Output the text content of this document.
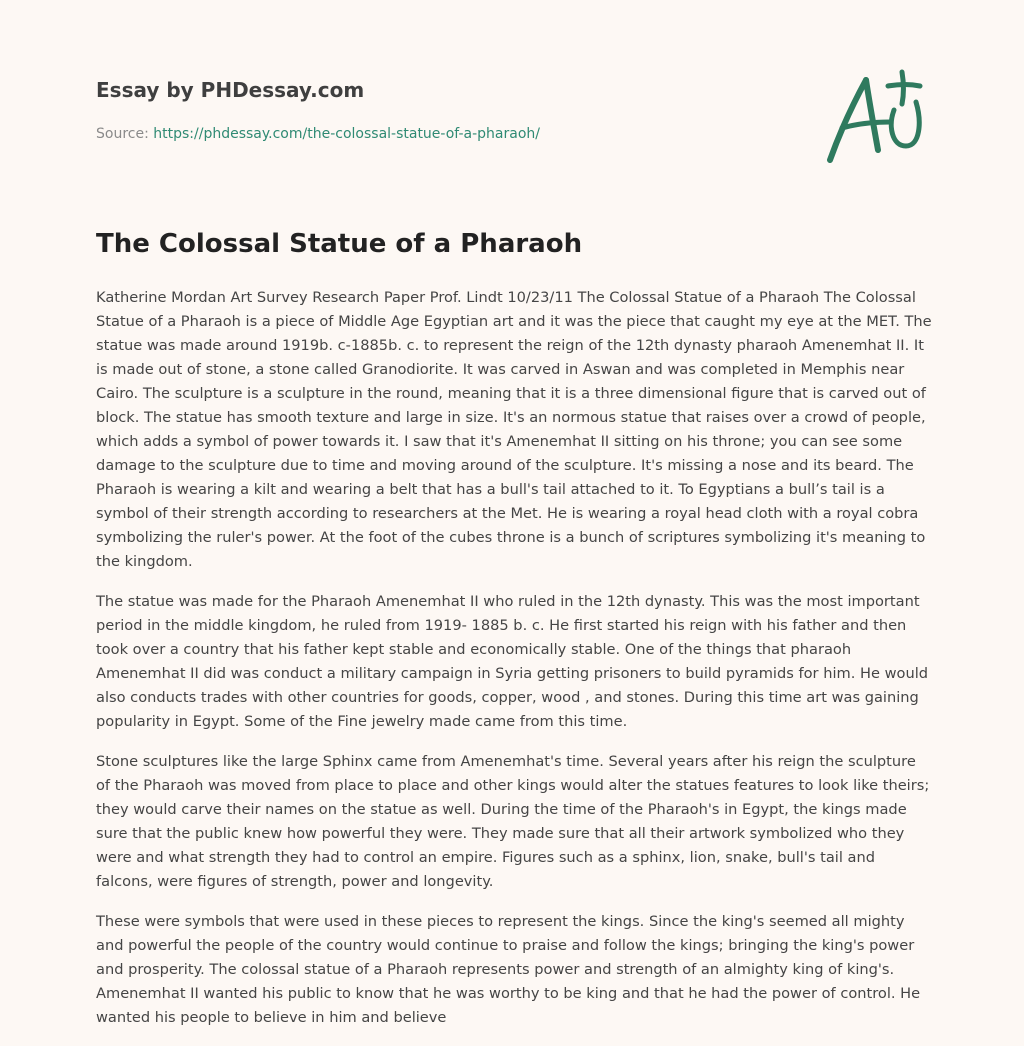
Essay by PHDessay.com
Source: https://phdessay.com/the-colossal-statue-of-a-pharaoh/
The Colossal Statue of a Pharaoh

Katherine Mordan Art Survey Research Paper Prof. Lindt 10/23/11 The Colossal Statue of a Pharaoh The Colossal Statue of a Pharaoh is a piece of Middle Age Egyptian art and it was the piece that caught my eye at the MET. The statue was made around 1919b. c-1885b. c. to represent the reign of the 12th dynasty pharaoh Amenemhat II. It is made out of stone, a stone called Granodiorite. It was carved in Aswan and was completed in Memphis near Cairo. The sculpture is a sculpture in the round, meaning that it is a three dimensional figure that is carved out of block. The statue has smooth texture and large in size. It's an normous statue that raises over a crowd of people, which adds a symbol of power towards it. I saw that it's Amenemhat II sitting on his throne; you can see some damage to the sculpture due to time and moving around of the sculpture. It's missing a nose and its beard. The Pharaoh is wearing a kilt and wearing a belt that has a bull's tail attached to it. To Egyptians a bull’s tail is a symbol of their strength according to researchers at the Met. He is wearing a royal head cloth with a royal cobra symbolizing the ruler's power. At the foot of the cubes throne is a bunch of scriptures symbolizing it's meaning to the kingdom.

The statue was made for the Pharaoh Amenemhat II who ruled in the 12th dynasty. This was the most important period in the middle kingdom, he ruled from 1919- 1885 b. c. He first started his reign with his father and then took over a country that his father kept stable and economically stable. One of the things that pharaoh Amenemhat II did was conduct a military campaign in Syria getting prisoners to build pyramids for him. He would also conducts trades with other countries for goods, copper, wood , and stones. During this time art was gaining popularity in Egypt. Some of the Fine jewelry made came from this time.

Stone sculptures like the large Sphinx came from Amenemhat's time. Several years after his reign the sculpture of the Pharaoh was moved from place to place and other kings would alter the statues features to look like theirs; they would carve their names on the statue as well. During the time of the Pharaoh's in Egypt, the kings made sure that the public knew how powerful they were. They made sure that all their artwork symbolized who they were and what strength they had to control an empire. Figures such as a sphinx, lion, snake, bull's tail and falcons, were figures of strength, power and longevity.

These were symbols that were used in these pieces to represent the kings. Since the king's seemed all mighty and powerful the people of the country would continue to praise and follow the kings; bringing the king's power and prosperity. The colossal statue of a Pharaoh represents power and strength of an almighty king of king's. Amenemhat II wanted his public to know that he was worthy to be king and that he had the power of control. He wanted his people to believe in him and believe
